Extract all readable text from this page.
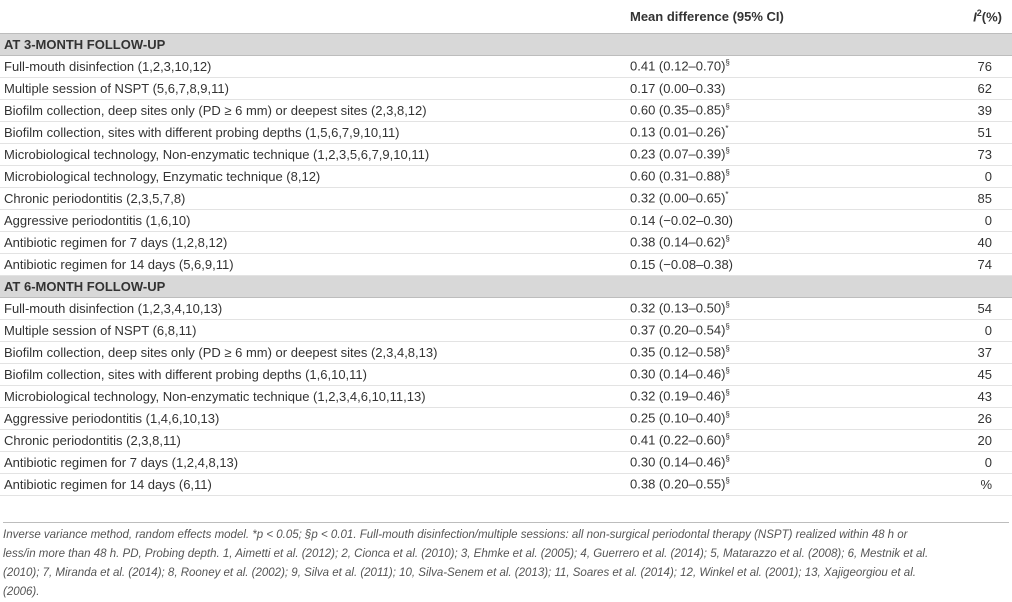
	Mean difference (95% CI)	$I^2(\%)$
AT 3-MONTH FOLLOW-UP		
Full-mouth disinfection (1,2,3,10,12)	0.41 (0.12–0.70)§	76
Multiple session of NSPT (5,6,7,8,9,11)	0.17 (0.00–0.33)	62
Biofilm collection, deep sites only (PD ≥ 6 mm) or deepest sites (2,3,8,12)	0.60 (0.35–0.85)§	39
Biofilm collection, sites with different probing depths (1,5,6,7,9,10,11)	0.13 (0.01–0.26)*	51
Microbiological technology, Non-enzymatic technique (1,2,3,5,6,7,9,10,11)	0.23 (0.07–0.39)§	73
Microbiological technology, Enzymatic technique (8,12)	0.60 (0.31–0.88)§	0
Chronic periodontitis (2,3,5,7,8)	0.32 (0.00–0.65)*	85
Aggressive periodontitis (1,6,10)	0.14 (−0.02–0.30)	0
Antibiotic regimen for 7 days (1,2,8,12)	0.38 (0.14–0.62)§	40
Antibiotic regimen for 14 days (5,6,9,11)	0.15 (−0.08–0.38)	74
AT 6-MONTH FOLLOW-UP		
Full-mouth disinfection (1,2,3,4,10,13)	0.32 (0.13–0.50)§	54
Multiple session of NSPT (6,8,11)	0.37 (0.20–0.54)§	0
Biofilm collection, deep sites only (PD ≥ 6 mm) or deepest sites (2,3,4,8,13)	0.35 (0.12–0.58)§	37
Biofilm collection, sites with different probing depths (1,6,10,11)	0.30 (0.14–0.46)§	45
Microbiological technology, Non-enzymatic technique (1,2,3,4,6,10,11,13)	0.32 (0.19–0.46)§	43
Aggressive periodontitis (1,4,6,10,13)	0.25 (0.10–0.40)§	26
Chronic periodontitis (2,3,8,11)	0.41 (0.22–0.60)§	20
Antibiotic regimen for 7 days (1,2,4,8,13)	0.30 (0.14–0.46)§	0
Antibiotic regimen for 14 days (6,11)	0.38 (0.20–0.55)§	%
Inverse variance method, random effects model. *p < 0.05; §p < 0.01. Full-mouth disinfection/multiple sessions: all non-surgical periodontal therapy (NSPT) realized within 48 h or
less/in more than 48 h. PD, Probing depth. 1, Aimetti et al. (2012); 2, Cionca et al. (2010); 3, Ehmke et al. (2005); 4, Guerrero et al. (2014); 5, Matarazzo et al. (2008); 6, Mestnik et al.
(2010); 7, Miranda et al. (2014); 8, Rooney et al. (2002); 9, Silva et al. (2011); 10, Silva-Senem et al. (2013); 11, Soares et al. (2014); 12, Winkel et al. (2001); 13, Xajigeorgiou et al.
(2006).
